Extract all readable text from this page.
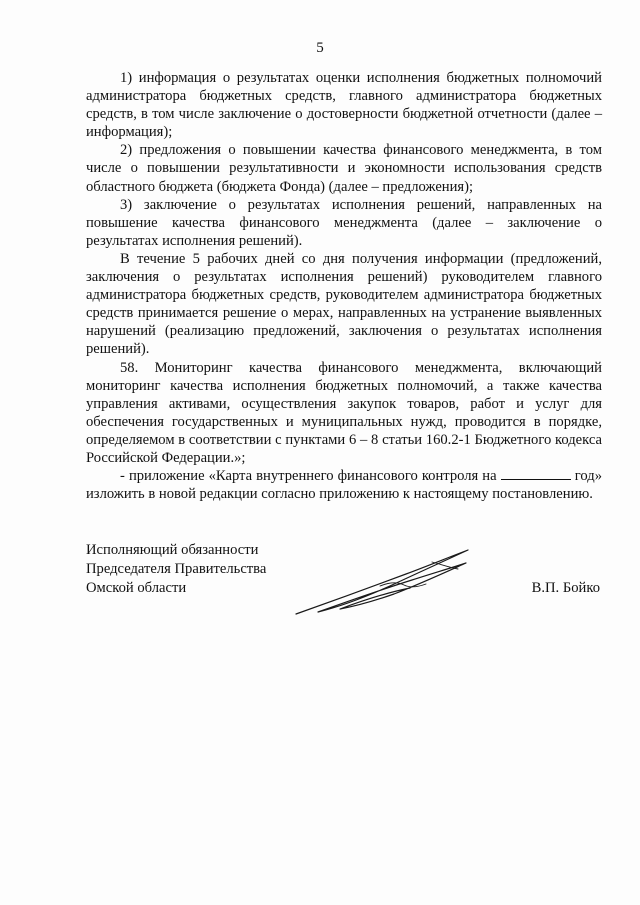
5

1) информация о результатах оценки исполнения бюджетных полномочий администратора бюджетных средств, главного администратора бюджетных средств, в том числе заключение о достоверности бюджетной отчетности (далее – информация);

2) предложения о повышении качества финансового менеджмента, в том числе о повышении результативности и экономности использования средств областного бюджета (бюджета Фонда) (далее – предложения);

3) заключение о результатах исполнения решений, направленных на повышение качества финансового менеджмента (далее – заключение о результатах исполнения решений).

В течение 5 рабочих дней со дня получения информации (предложений, заключения о результатах исполнения решений) руководителем главного администратора бюджетных средств, руководителем администратора бюджетных средств принимается решение о мерах, направленных на устранение выявленных нарушений (реализацию предложений, заключения о результатах исполнения решений).

58. Мониторинг качества финансового менеджмента, включающий мониторинг качества исполнения бюджетных полномочий, а также качества управления активами, осуществления закупок товаров, работ и услуг для обеспечения государственных и муниципальных нужд, проводится в порядке, определяемом в соответствии с пунктами 6 – 8 статьи 160.2-1 Бюджетного кодекса Российской Федерации.»;

- приложение «Карта внутреннего финансового контроля на	год» изложить в новой редакции согласно приложению к настоящему постановлению.

Исполняющий обязанности
Председателя Правительства
Омской области	В.П. Бойко
